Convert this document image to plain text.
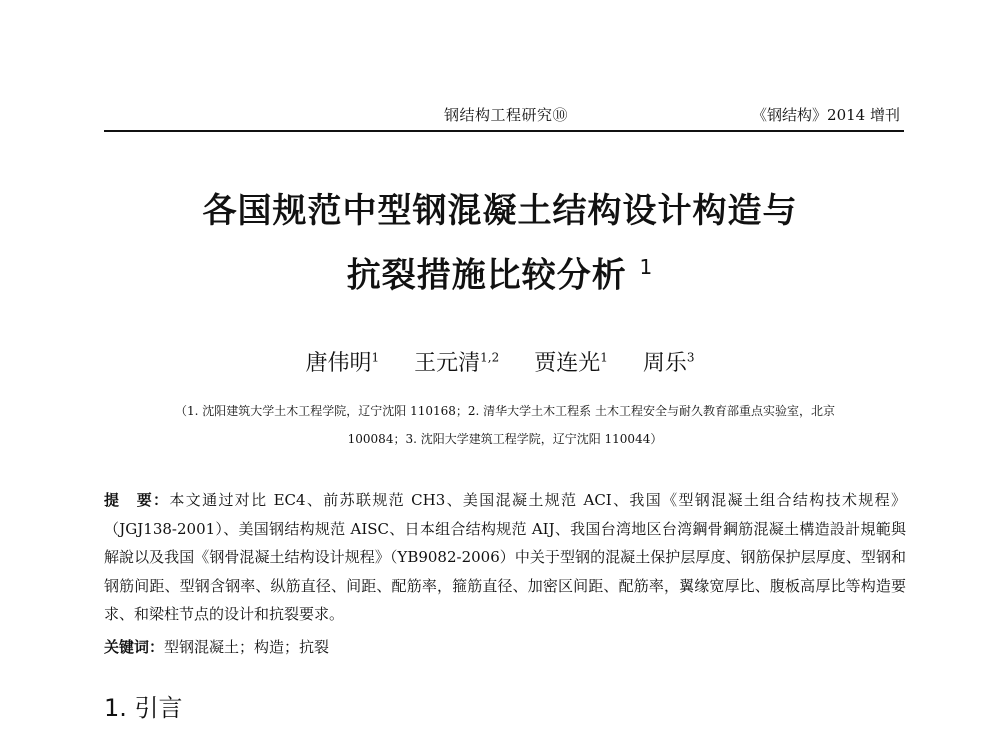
钢结构工程研究⑩	《钢结构》2014 增刊
各国规范中型钢混凝土结构设计构造与
抗裂措施比较分析 $^1$
唐伟明$^1$ 王元清$^{1,2}$ 贾连光$^1$ 周乐$^3$
（1. 沈阳建筑大学土木工程学院，辽宁沈阳 110168；2. 清华大学土木工程系 土木工程安全与耐久教育部重点实验室，北京
100084；3. 沈阳大学建筑工程学院，辽宁沈阳 110044）
提　要：本文通过对比 EC4、前苏联规范 CH3、美国混凝土规范 ACI、我国《型钢混凝土组合结构技术规程》（JGJ138-2001）、美国钢结构规范 AISC、日本组合结构规范 AIJ、我国台湾地区台湾鋼骨鋼筋混凝土構造設計規範與解說以及我国《钢骨混凝土结构设计规程》（YB9082-2006）中关于型钢的混凝土保护层厚度、钢筋保护层厚度、型钢和钢筋间距、型钢含钢率、纵筋直径、间距、配筋率，箍筋直径、加密区间距、配筋率，翼缘宽厚比、腹板高厚比等构造要求、和梁柱节点的设计和抗裂要求。
关键词：型钢混凝土；构造；抗裂
1. 引言
